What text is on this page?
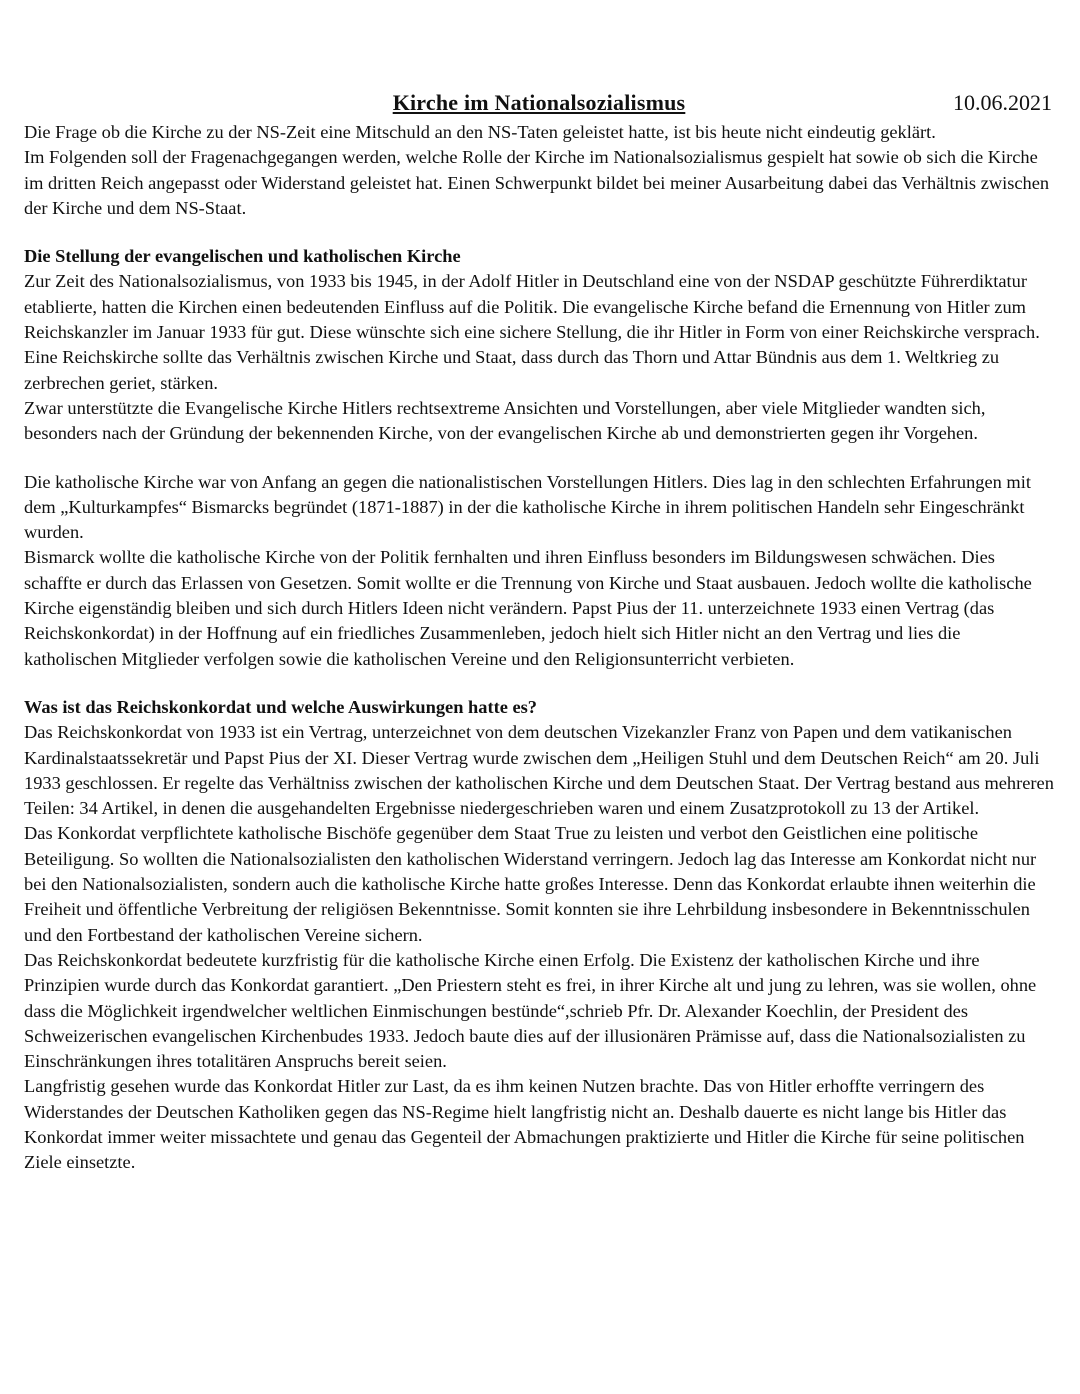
Kirche im Nationalsozialismus	10.06.2021

Die Frage ob die Kirche zu der NS-Zeit eine Mitschuld an den NS-Taten geleistet hatte, ist bis heute nicht eindeutig geklärt.

Im Folgenden soll der Fragenachgegangen werden, welche Rolle der Kirche im Nationalsozialismus gespielt hat sowie ob sich die Kirche im dritten Reich angepasst oder Widerstand geleistet hat. Einen Schwerpunkt bildet bei meiner Ausarbeitung dabei das Verhältnis zwischen der Kirche und dem NS-Staat.

Die Stellung der evangelischen und katholischen Kirche

Zur Zeit des Nationalsozialismus, von 1933 bis 1945, in der Adolf Hitler in Deutschland eine von der NSDAP geschützte Führerdiktatur etablierte, hatten die Kirchen einen bedeutenden Einfluss auf die Politik. Die evangelische Kirche befand die Ernennung von Hitler zum Reichskanzler im Januar 1933 für gut. Diese wünschte sich eine sichere Stellung, die ihr Hitler in Form von einer Reichskirche versprach. Eine Reichskirche sollte das Verhältnis zwischen Kirche und Staat, dass durch das Thorn und Attar Bündnis aus dem 1. Weltkrieg zu zerbrechen geriet, stärken.

Zwar unterstützte die Evangelische Kirche Hitlers rechtsextreme Ansichten und Vorstellungen, aber viele Mitglieder wandten sich, besonders nach der Gründung der bekennenden Kirche, von der evangelischen Kirche ab und demonstrierten gegen ihr Vorgehen.

Die katholische Kirche war von Anfang an gegen die nationalistischen Vorstellungen Hitlers. Dies lag in den schlechten Erfahrungen mit dem „Kulturkampfes“ Bismarcks begründet (1871-1887) in der die katholische Kirche in ihrem politischen Handeln sehr Eingeschränkt wurden.

Bismarck wollte die katholische Kirche von der Politik fernhalten und ihren Einfluss besonders im Bildungswesen schwächen. Dies schaffte er durch das Erlassen von Gesetzen. Somit wollte er die Trennung von Kirche und Staat ausbauen. Jedoch wollte die katholische Kirche eigenständig bleiben und sich durch Hitlers Ideen nicht verändern. Papst Pius der 11. unterzeichnete 1933 einen Vertrag (das Reichskonkordat) in der Hoffnung auf ein friedliches Zusammenleben, jedoch hielt sich Hitler nicht an den Vertrag und lies die katholischen Mitglieder verfolgen sowie die katholischen Vereine und den Religionsunterricht verbieten.

Was ist das Reichskonkordat und welche Auswirkungen hatte es?

Das Reichskonkordat von 1933 ist ein Vertrag, unterzeichnet von dem deutschen Vizekanzler Franz von Papen und dem vatikanischen Kardinalstaatssekretär und Papst Pius der XI. Dieser Vertrag wurde zwischen dem „Heiligen Stuhl und dem Deutschen Reich“ am 20. Juli 1933 geschlossen. Er regelte das Verhältniss zwischen der katholischen Kirche und dem Deutschen Staat. Der Vertrag bestand aus mehreren Teilen: 34 Artikel, in denen die ausgehandelten Ergebnisse niedergeschrieben waren und einem Zusatzprotokoll zu 13 der Artikel.

Das Konkordat verpflichtete katholische Bischöfe gegenüber dem Staat True zu leisten und verbot den Geistlichen eine politische Beteiligung. So wollten die Nationalsozialisten den katholischen Widerstand verringern. Jedoch lag das Interesse am Konkordat nicht nur bei den Nationalsozialisten, sondern auch die katholische Kirche hatte großes Interesse. Denn das Konkordat erlaubte ihnen weiterhin die Freiheit und öffentliche Verbreitung der religiösen Bekenntnisse. Somit konnten sie ihre Lehrbildung insbesondere in Bekenntnisschulen und den Fortbestand der katholischen Vereine sichern.

Das Reichskonkordat bedeutete kurzfristig für die katholische Kirche einen Erfolg. Die Existenz der katholischen Kirche und ihre Prinzipien wurde durch das Konkordat garantiert. „Den Priestern steht es frei, in ihrer Kirche alt und jung zu lehren, was sie wollen, ohne dass die Möglichkeit irgendwelcher weltlichen Einmischungen bestünde“,schrieb Pfr. Dr. Alexander Koechlin, der President des Schweizerischen evangelischen Kirchenbudes 1933. Jedoch baute dies auf der illusionären Prämisse auf, dass die Nationalsozialisten zu Einschränkungen ihres totalitären Anspruchs bereit seien.

Langfristig gesehen wurde das Konkordat Hitler zur Last, da es ihm keinen Nutzen brachte. Das von Hitler erhoffte verringern des Widerstandes der Deutschen Katholiken gegen das NS-Regime hielt langfristig nicht an. Deshalb dauerte es nicht lange bis Hitler das Konkordat immer weiter missachtete und genau das Gegenteil der Abmachungen praktizierte und Hitler die Kirche für seine politischen Ziele einsetzte.
